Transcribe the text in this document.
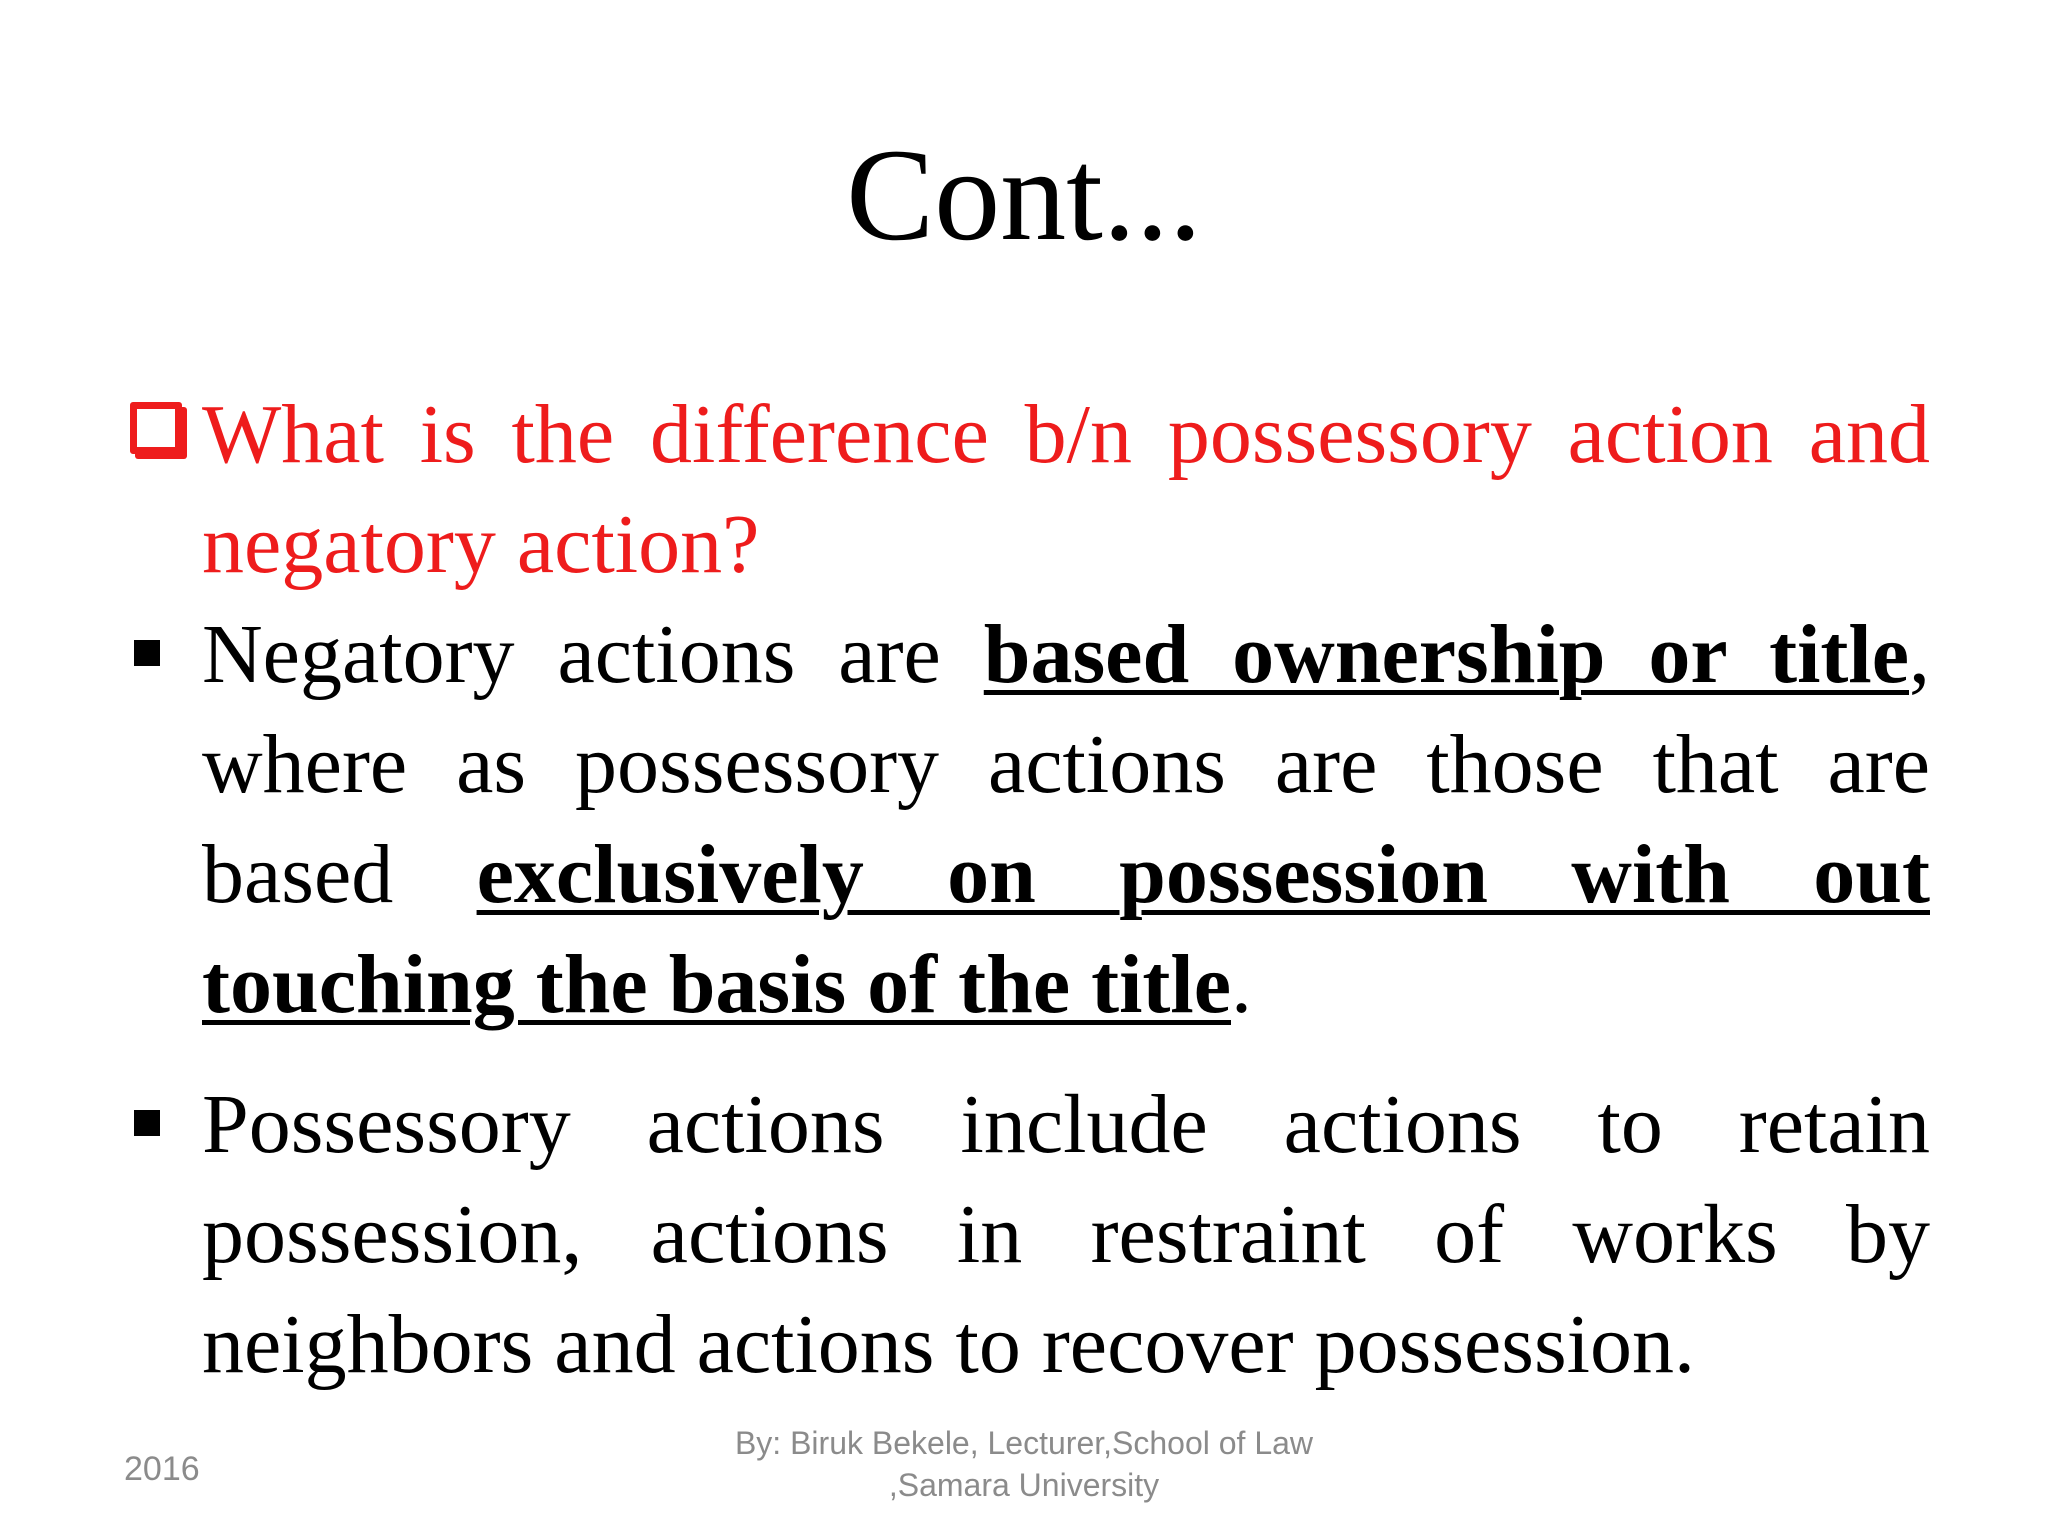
Cont...
What is the difference b/n possessory action and negatory action?
Negatory actions are based ownership or title, where as possessory actions are those that are based exclusively on possession with out touching the basis of the title.
Possessory actions include actions to retain possession, actions in restraint of works by neighbors and actions to recover possession.
2016
By: Biruk Bekele, Lecturer,School of Law ,Samara University
